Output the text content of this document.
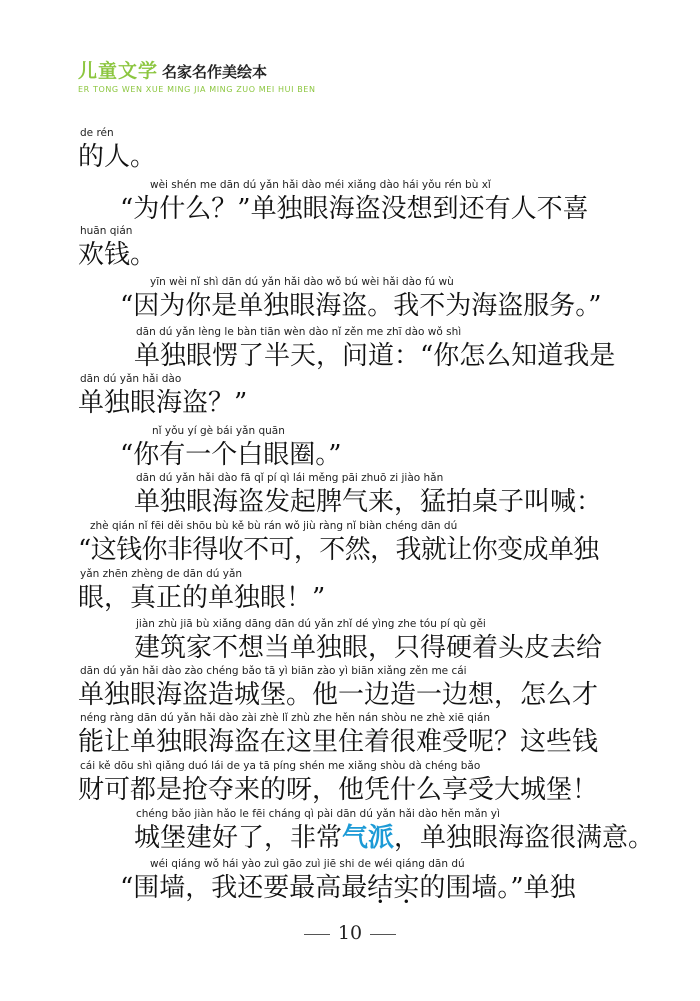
儿童文学 名家名作美绘本
ER TONG WEN XUE MING JIA MING ZUO MEI HUI BEN
de rén
的人。
wèi shén me dān dú yǎn hǎi dào méi xiǎng dào hái yǒu rén bù xǐ
“为什么？”单独眼海盗没想到还有人不喜
huān qián
欢钱。
yīn wèi nǐ shì dān dú yǎn hǎi dào wǒ bú wèi hǎi dào fú wù
“因为你是单独眼海盗。我不为海盗服务。”
dān dú yǎn lèng le bàn tiān wèn dào nǐ zěn me zhī dào wǒ shì
单独眼愣了半天，问道：“你怎么知道我是
dān dú yǎn hǎi dào
单独眼海盗？”
nǐ yǒu yí gè bái yǎn quān
“你有一个白眼圈。”
dān dú yǎn hǎi dào fā qǐ pí qì lái měng pāi zhuō zi jiào hǎn
单独眼海盗发起脾气来，猛拍桌子叫喊：
zhè qián nǐ fēi děi shōu bù kě bù rán wǒ jiù ràng nǐ biàn chéng dān dú
“这钱你非得收不可，不然，我就让你变成单独
yǎn zhēn zhèng de dān dú yǎn
眼，真正的单独眼！”
jiàn zhù jiā bù xiǎng dāng dān dú yǎn zhǐ dé yìng zhe tóu pí qù gěi
建筑家不想当单独眼，只得硬着头皮去给
dān dú yǎn hǎi dào zào chéng bǎo tā yì biān zào yì biān xiǎng zěn me cái
单独眼海盗造城堡。他一边造一边想，怎么才
néng ràng dān dú yǎn hǎi dào zài zhè lǐ zhù zhe hěn nán shòu ne zhè xiē qián
能让单独眼海盗在这里住着很难受呢？这些钱
cái kě dōu shì qiǎng duó lái de ya tā píng shén me xiǎng shòu dà chéng bǎo
财可都是抢夺来的呀，他凭什么享受大城堡！
chéng bǎo jiàn hǎo le fēi cháng qì pài dān dú yǎn hǎi dào hěn mǎn yì
城堡建好了，非常气派，单独眼海盗很满意。
wéi qiáng wǒ hái yào zuì gāo zuì jiē shi de wéi qiáng dān dú
“围墙，我还要最高最结实的围墙。”单独
10
